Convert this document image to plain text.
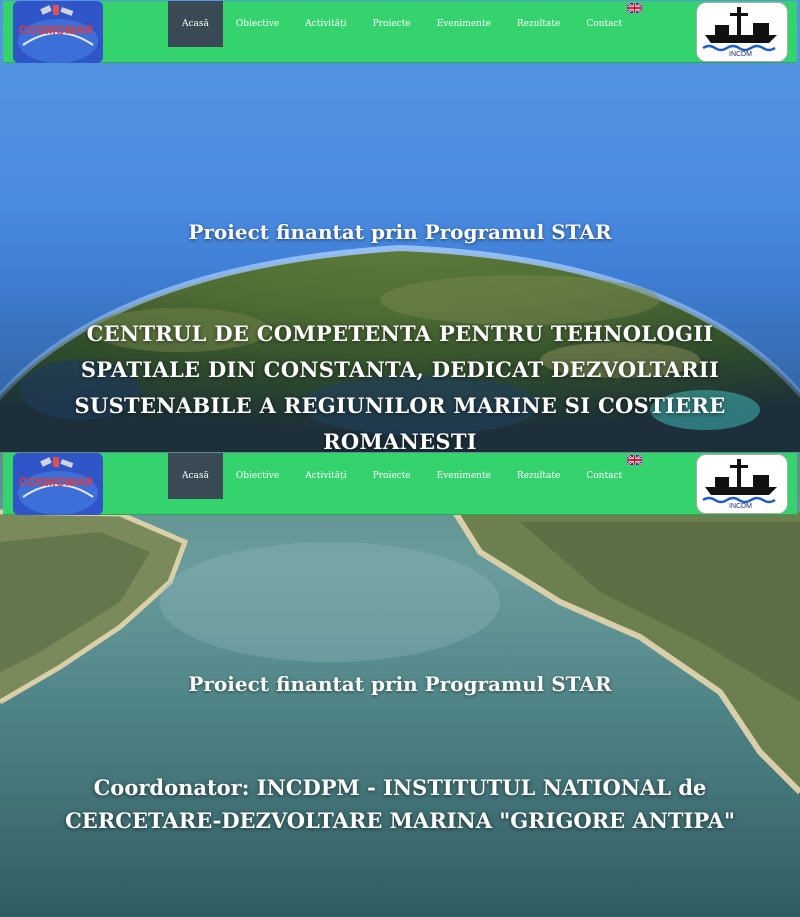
COSMOMAR	Acasă	Obiective	Activități	Proiecte	Evenimente	Rezultate	Contact
INCDM
Proiect finantat prin Programul STAR
CENTRUL DE COMPETENTA PENTRU TEHNOLOGII SPATIALE DIN CONSTANTA, DEDICAT DEZVOLTARII SUSTENABILE A REGIUNILOR MARINE SI COSTIERE ROMANESTI
COSMOMAR	Acasă	Obiective	Activități	Proiecte	Evenimente	Rezultate	Contact
INCDM
Proiect finantat prin Programul STAR
Coordonator: INCDPM - INSTITUTUL NATIONAL de CERCETARE-DEZVOLTARE MARINA "GRIGORE ANTIPA"
